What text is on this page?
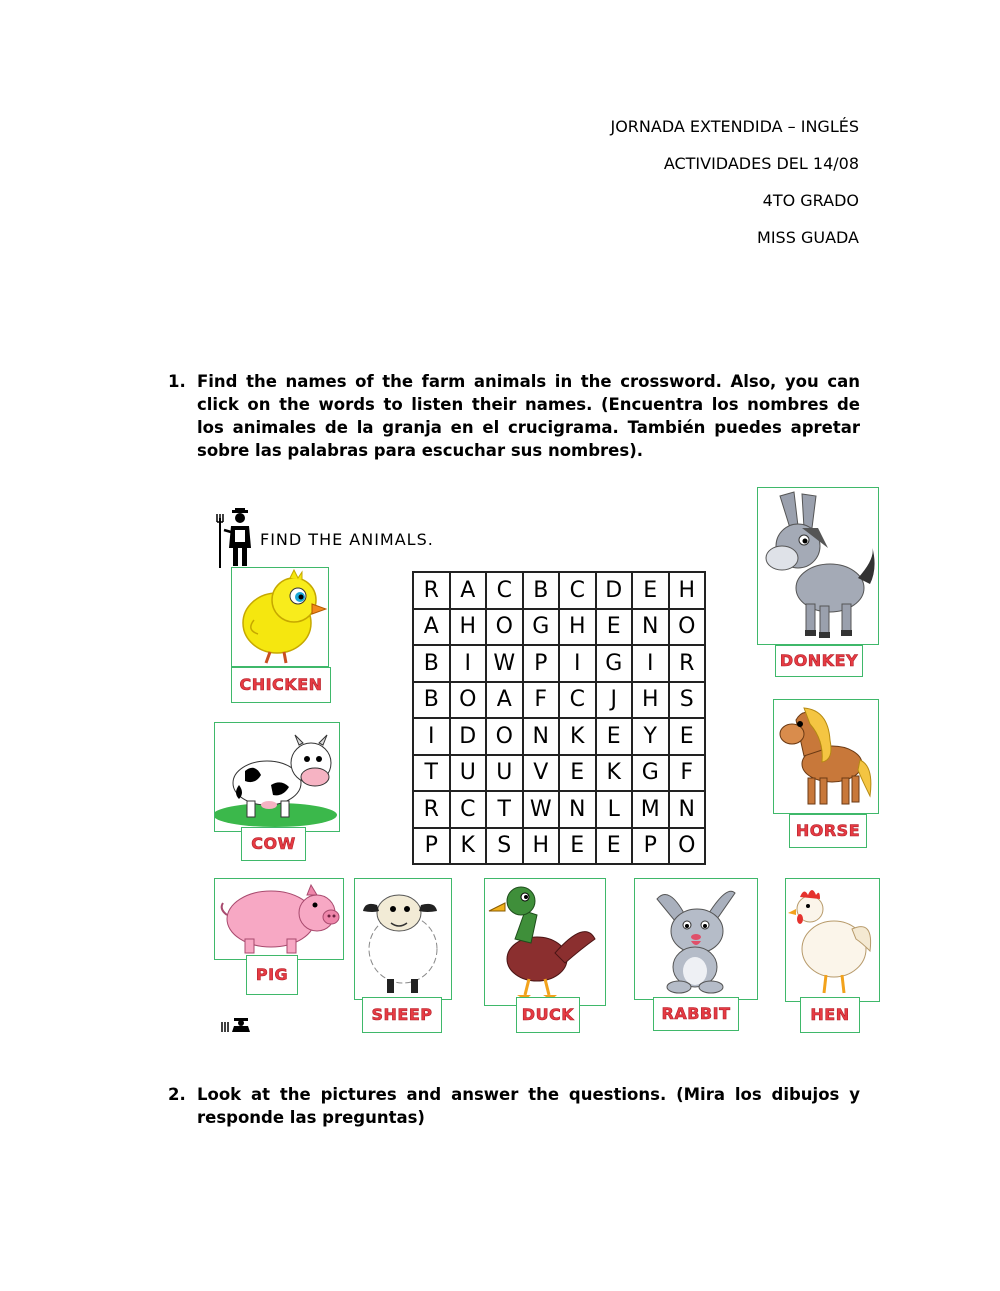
JORNADA EXTENDIDA – INGLÉS
ACTIVIDADES DEL 14/08
4TO GRADO
MISS GUADA
1. Find the names of the farm animals in the crossword. Also, you can click on the words to listen their names. (Encuentra los nombres de los animales de la granja en el crucigrama. También puedes apretar sobre las palabras para escuchar sus nombres).
FIND THE ANIMALS.
R	A	C	B	C	D	E	H
A	H	O	G	H	E	N	O
B	I	W	P	I	G	I	R
B	O	A	F	C	J	H	S
I	D	O	N	K	E	Y	E
T	U	U	V	E	K	G	F
R	C	T	W	N	L	M	N
P	K	S	H	E	E	P	O
CHICKEN
DONKEY
COW
HORSE
PIG
SHEEP	DUCK	RABBIT	HEN
2. Look at the pictures and answer the questions. (Mira los dibujos y responde las preguntas)
